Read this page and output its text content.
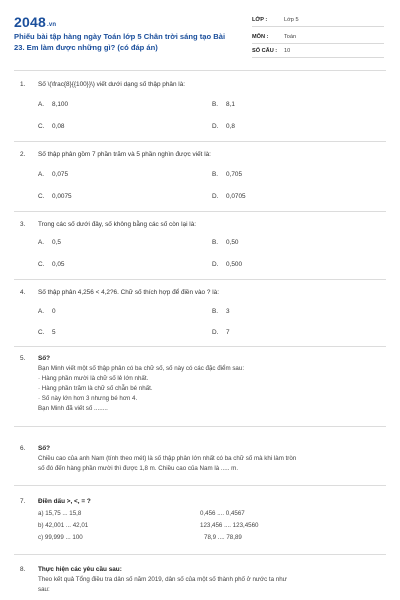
2048.vn
Phiếu bài tập hàng ngày Toán lớp 5 Chân trời sáng tạo Bài 23. Em làm được những gì? (có đáp án)
LỚP :	Lớp 5
MÔN :	Toán
SỐ CÂU : 10
1.	Số \(\frac{8}{{100}}\) viết dưới dạng số thập phân là:
A. 8,100	B. 8,1
C. 0,08	D. 0,8
2.	Số thập phân gồm 7 phần trăm và 5 phần nghìn được viết là:
A. 0,075	B. 0,705
C. 0,0075	D. 0,0705
3.	Trong các số dưới đây, số không bằng các số còn lại là:
A. 0,5	B. 0,50
C. 0,05	D. 0,500
4.	Số thập phân 4,256 < 4,2?6. Chữ số thích hợp để điền vào ? là:
A. 0	B. 3
C. 5	D. 7
5.	Số?
Bạn Minh viết một số thập phân có ba chữ số, số này có các đặc điểm sau:
· Hàng phần mười là chữ số lẻ lớn nhất.
· Hàng phần trăm là chữ số chẵn bé nhất.
· Số này lớn hơn 3 nhưng bé hơn 4.
Bạn Minh đã viết số ........
6.	Số?
Chiều cao của anh Nam (tính theo mét) là số thập phân lớn nhất có ba chữ số mà khi làm tròn
số đó đến hàng phần mười thì được 1,8 m. Chiều cao của Nam là ..... m.
7.	Điền dấu >, <, = ?
a) 15,75 ... 15,8	0,456 .... 0,4567
b) 42,001 ... 42,01	123,456 .... 123,4560
c) 99,999 ... 100	78,9 .... 78,89
8.	Thực hiện các yêu cầu sau:
Theo kết quả Tổng điều tra dân số năm 2019, dân số của một số thành phố ở nước ta như
sau:
